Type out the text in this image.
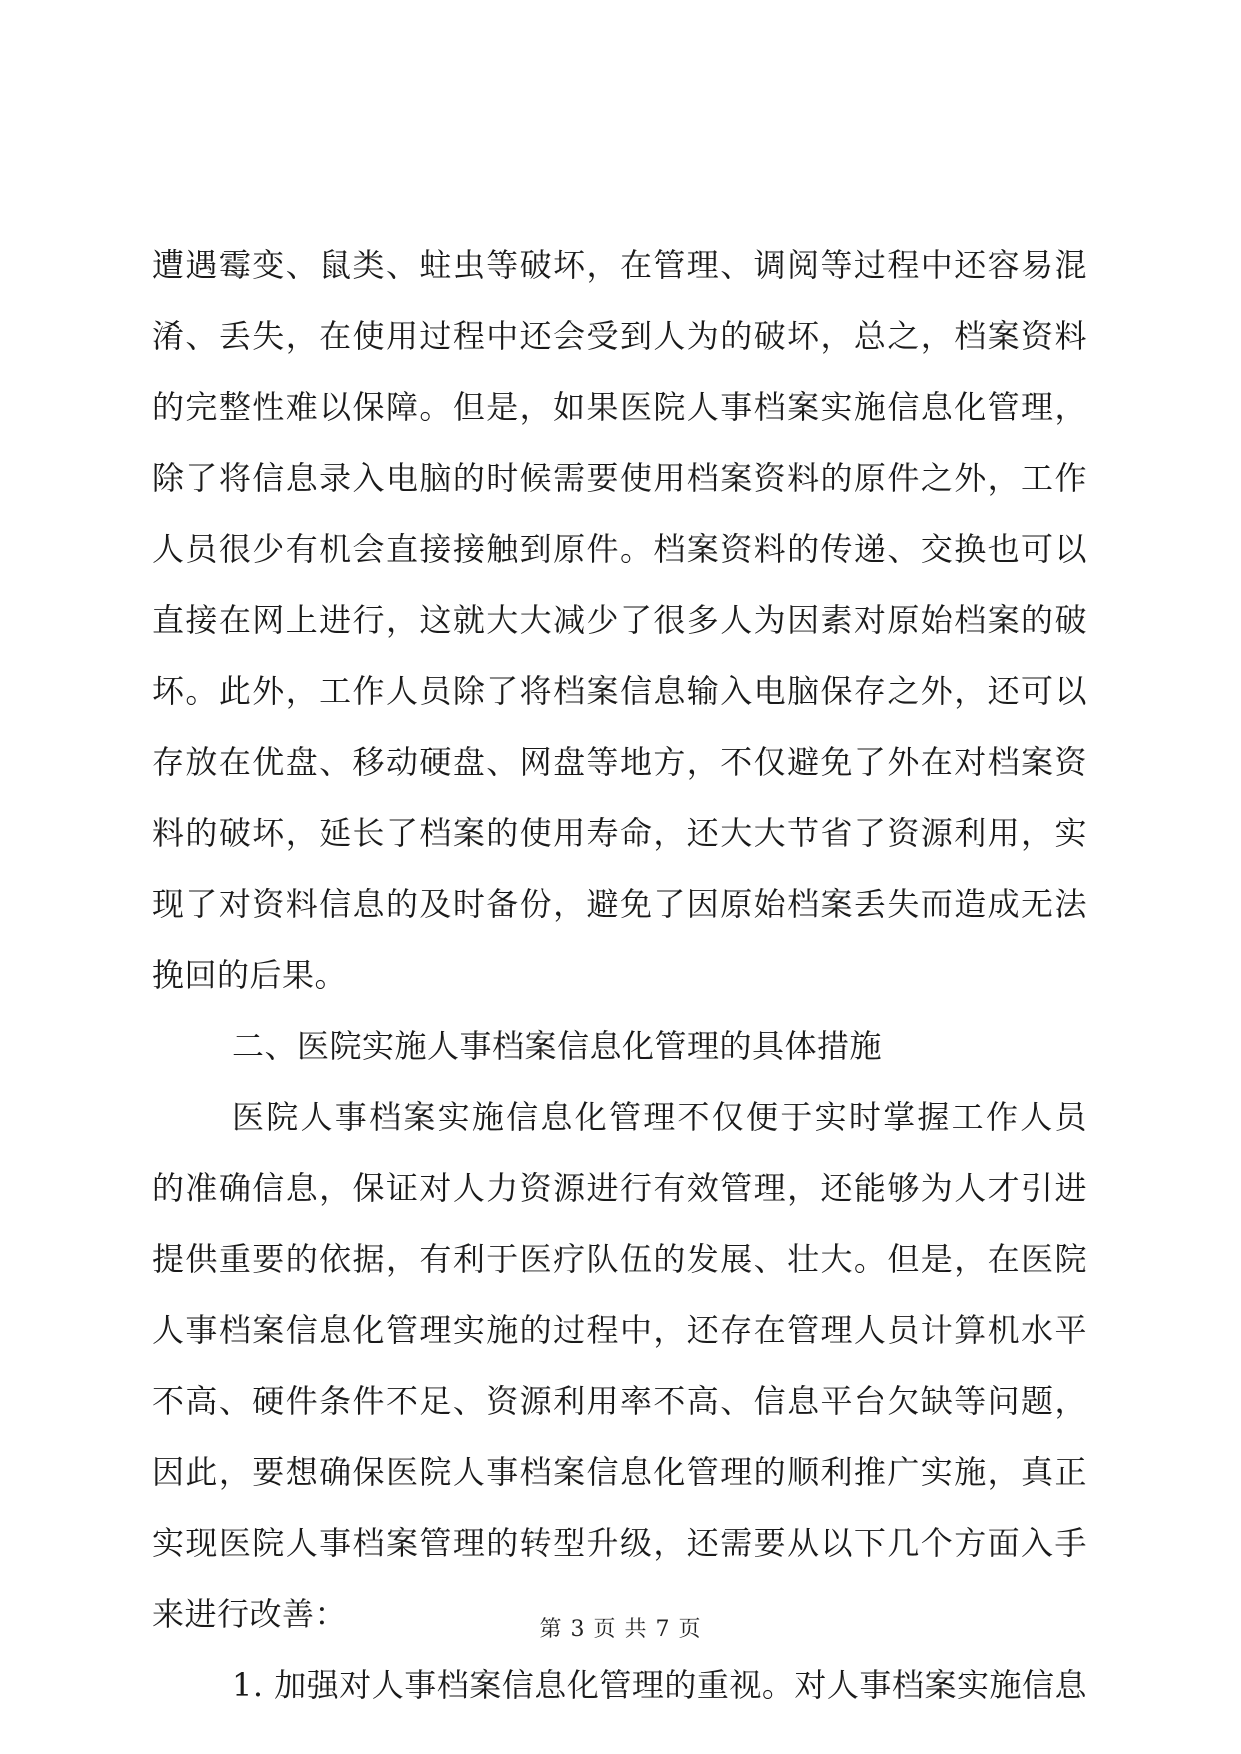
遭遇霉变、鼠类、蛀虫等破坏，在管理、调阅等过程中还容易混
淆、丢失，在使用过程中还会受到人为的破坏，总之，档案资料
的完整性难以保障。但是，如果医院人事档案实施信息化管理，
除了将信息录入电脑的时候需要使用档案资料的原件之外，工作
人员很少有机会直接接触到原件。档案资料的传递、交换也可以
直接在网上进行，这就大大减少了很多人为因素对原始档案的破
坏。此外，工作人员除了将档案信息输入电脑保存之外，还可以
存放在优盘、移动硬盘、网盘等地方，不仅避免了外在对档案资
料的破坏，延长了档案的使用寿命，还大大节省了资源利用，实
现了对资料信息的及时备份，避免了因原始档案丢失而造成无法
挽回的后果。
二、医院实施人事档案信息化管理的具体措施
医院人事档案实施信息化管理不仅便于实时掌握工作人员
的准确信息，保证对人力资源进行有效管理，还能够为人才引进
提供重要的依据，有利于医疗队伍的发展、壮大。但是，在医院
人事档案信息化管理实施的过程中，还存在管理人员计算机水平
不高、硬件条件不足、资源利用率不高、信息平台欠缺等问题，
因此，要想确保医院人事档案信息化管理的顺利推广实施，真正
实现医院人事档案管理的转型升级，还需要从以下几个方面入手
来进行改善：
1. 加强对人事档案信息化管理的重视。对人事档案实施信息
第 3 页 共 7 页
